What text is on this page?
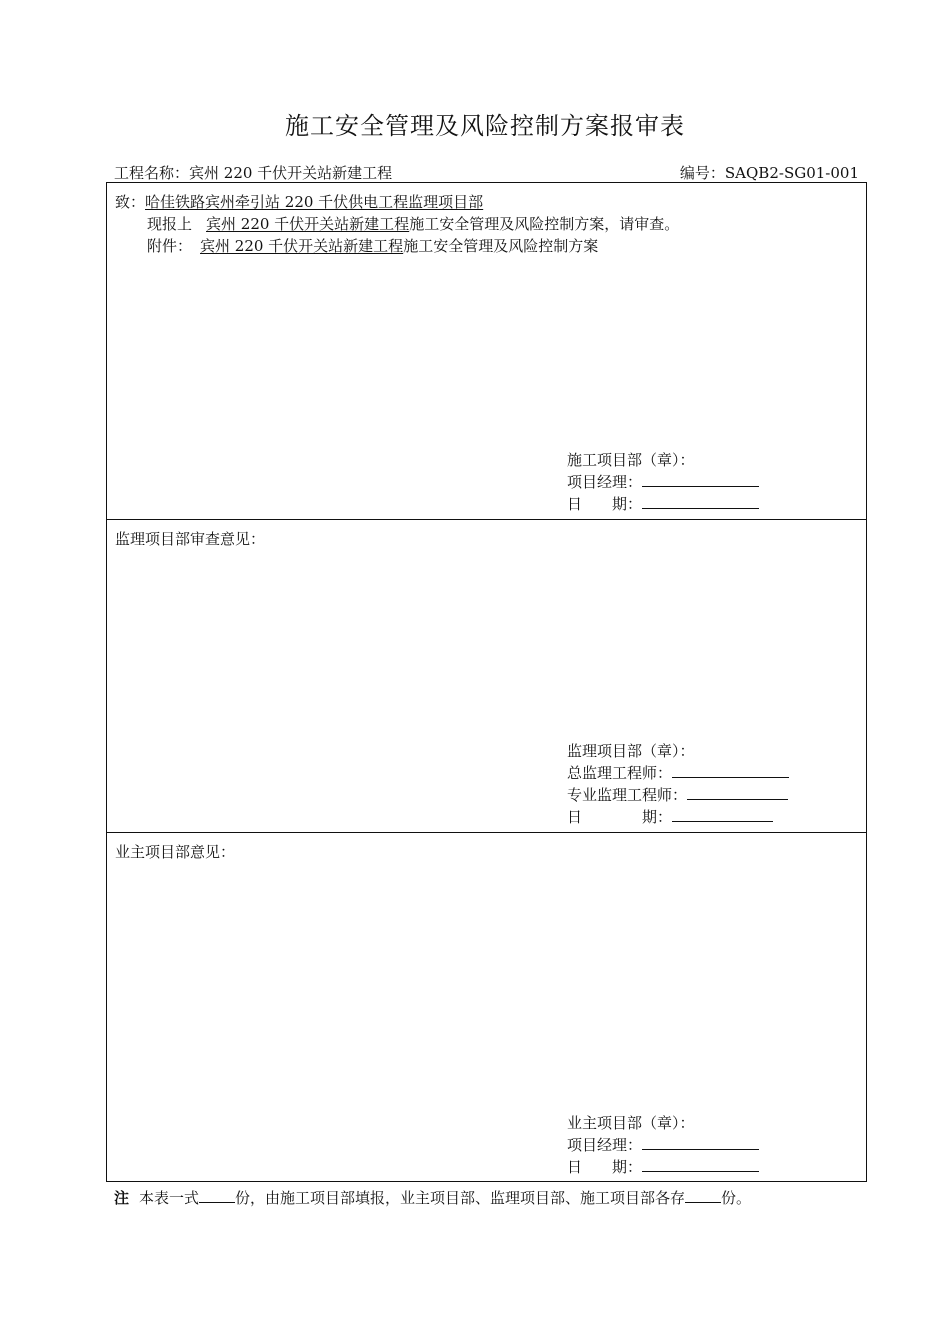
施工安全管理及风险控制方案报审表
工程名称：宾州 220 千伏开关站新建工程	编号：SAQB2-SG01-001
致：哈佳铁路宾州牵引站 220 千伏供电工程监理项目部
现报上 宾州 220 千伏开关站新建工程施工安全管理及风险控制方案，请审查。
附件： 宾州 220 千伏开关站新建工程施工安全管理及风险控制方案
施工项目部（章）：
项目经理：
日　　期：
监理项目部审查意见：
监理项目部（章）：
总监理工程师：
专业监理工程师：
日　　　　期：
业主项目部意见：
业主项目部（章）：
项目经理：
日　　期：
注 本表一式 份，由施工项目部填报，业主项目部、监理项目部、施工项目部各存 份。
